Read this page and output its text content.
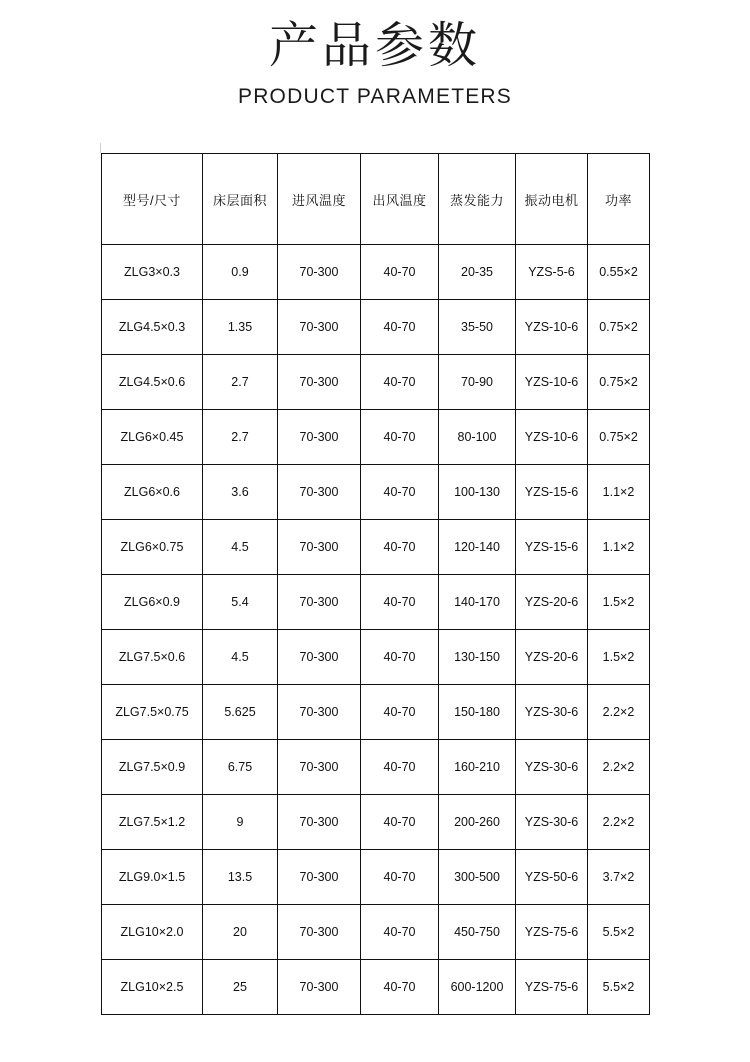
产品参数

PRODUCT PARAMETERS

型号/尺寸	床层面积	进风温度	出风温度	蒸发能力	振动电机	功率
ZLG3×0.3	0.9	70-300	40-70	20-35	YZS-5-6	0.55×2
ZLG4.5×0.3	1.35	70-300	40-70	35-50	YZS-10-6	0.75×2
ZLG4.5×0.6	2.7	70-300	40-70	70-90	YZS-10-6	0.75×2
ZLG6×0.45	2.7	70-300	40-70	80-100	YZS-10-6	0.75×2
ZLG6×0.6	3.6	70-300	40-70	100-130	YZS-15-6	1.1×2
ZLG6×0.75	4.5	70-300	40-70	120-140	YZS-15-6	1.1×2
ZLG6×0.9	5.4	70-300	40-70	140-170	YZS-20-6	1.5×2
ZLG7.5×0.6	4.5	70-300	40-70	130-150	YZS-20-6	1.5×2
ZLG7.5×0.75	5.625	70-300	40-70	150-180	YZS-30-6	2.2×2
ZLG7.5×0.9	6.75	70-300	40-70	160-210	YZS-30-6	2.2×2
ZLG7.5×1.2	9	70-300	40-70	200-260	YZS-30-6	2.2×2
ZLG9.0×1.5	13.5	70-300	40-70	300-500	YZS-50-6	3.7×2
ZLG10×2.0	20	70-300	40-70	450-750	YZS-75-6	5.5×2
ZLG10×2.5	25	70-300	40-70	600-1200	YZS-75-6	5.5×2
